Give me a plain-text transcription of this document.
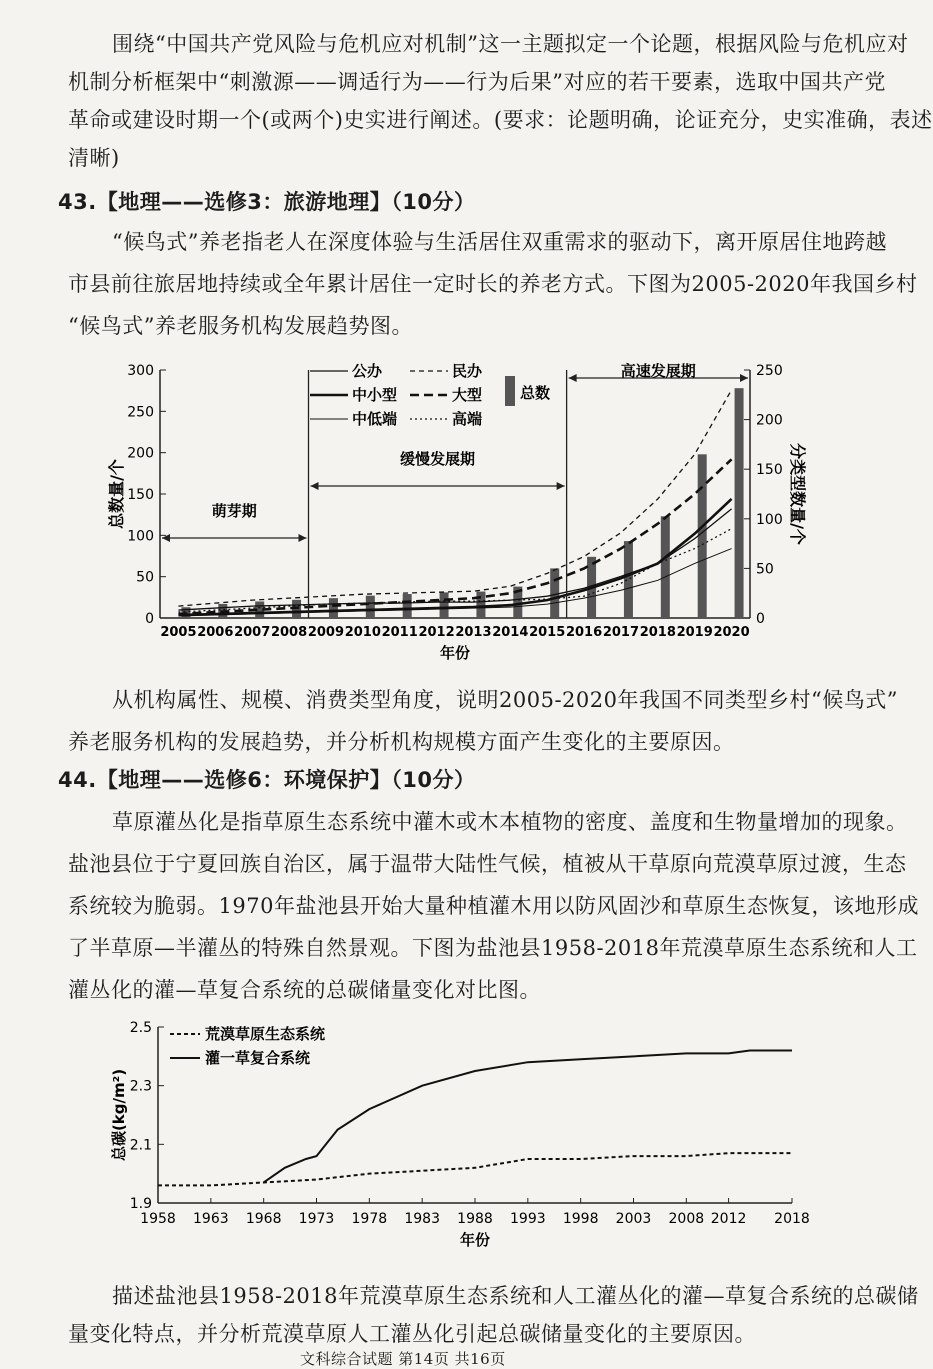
围绕“中国共产党风险与危机应对机制”这一主题拟定一个论题，根据风险与危机应对
机制分析框架中“刺激源——调适行为——行为后果”对应的若干要素，选取中国共产党
革命或建设时期一个(或两个)史实进行阐述。(要求：论题明确，论证充分，史实准确，表述
清晰)
43.【地理——选修3：旅游地理】（10分）
“候鸟式”养老指老人在深度体验与生活居住双重需求的驱动下，离开原居住地跨越
市县前往旅居地持续或全年累计居住一定时长的养老方式。下图为2005-2020年我国乡村
“候鸟式”养老服务机构发展趋势图。
0
50
100
150
200
250
300
0
50
100
150
200
250
2005 2006 2007 2008 2009 2010 2011 2012 2013 2014 2015 2016 2017 2018 2019 2020
年份
总数量/个	分类型数量/个
萌芽期
缓慢发展期
高速发展期
公办	民办
中小型	大型
中低端	高端
总数
从机构属性、规模、消费类型角度，说明2005-2020年我国不同类型乡村“候鸟式”
养老服务机构的发展趋势，并分析机构规模方面产生变化的主要原因。
44.【地理——选修6：环境保护】（10分）
草原灌丛化是指草原生态系统中灌木或木本植物的密度、盖度和生物量增加的现象。
盐池县位于宁夏回族自治区，属于温带大陆性气候，植被从干草原向荒漠草原过渡，生态
系统较为脆弱。1970年盐池县开始大量种植灌木用以防风固沙和草原生态恢复，该地形成
了半草原—半灌丛的特殊自然景观。下图为盐池县1958-2018年荒漠草原生态系统和人工
灌丛化的灌—草复合系统的总碳储量变化对比图。
1.9
2.1
2.3
2.5
1958 1963 1968 1973 1978 1983 1988 1993 1998 2003 2008 2012 2018
年份
总碳(kg/m²)
荒漠草原生态系统
灌一草复合系统
描述盐池县1958-2018年荒漠草原生态系统和人工灌丛化的灌—草复合系统的总碳储
量变化特点，并分析荒漠草原人工灌丛化引起总碳储量变化的主要原因。
文科综合试题 第14页 共16页
